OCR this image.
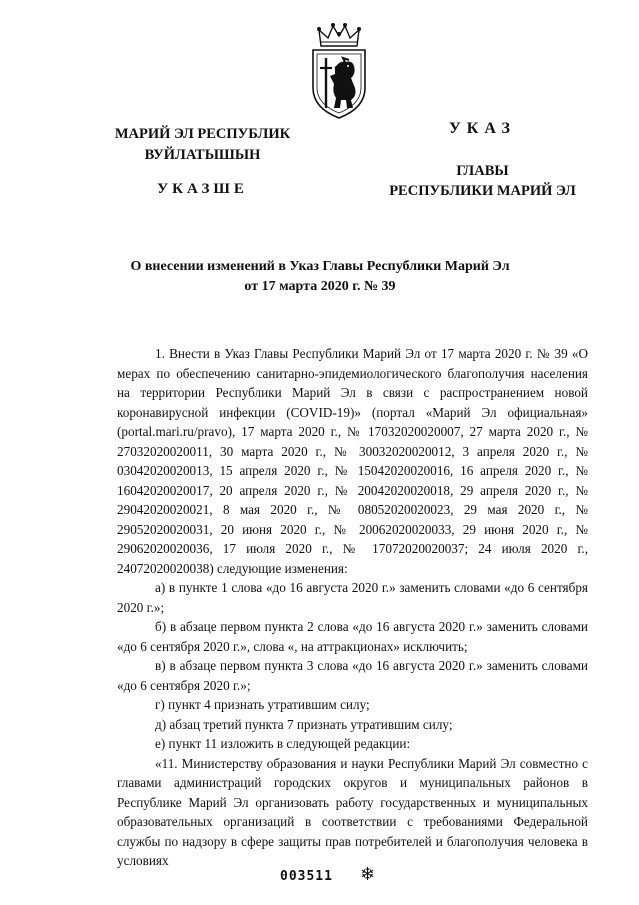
МАРИЙ ЭЛ РЕСПУБЛИК
ВУЙЛАТЫШЫН
УКАЗШЕ
УКАЗ
ГЛАВЫ
РЕСПУБЛИКИ МАРИЙ ЭЛ
О внесении изменений в Указ Главы Республики Марий Эл
от 17 марта 2020 г. № 39

1. Внести в Указ Главы Республики Марий Эл от 17 марта 2020 г. № 39 «О мерах по обеспечению санитарно-эпидемиологического благополучия населения на территории Республики Марий Эл в связи с распространением новой коронавирусной инфекции (COVID-19)» (портал «Марий Эл официальная» (portal.mari.ru/pravo), 17 марта 2020 г., № 17032020020007, 27 марта 2020 г., № 27032020020011, 30 марта 2020 г., № 30032020020012, 3 апреля 2020 г., № 03042020020013, 15 апреля 2020 г., № 15042020020016, 16 апреля 2020 г., № 16042020020017, 20 апреля 2020 г., № 20042020020018, 29 апреля 2020 г., № 29042020020021, 8 мая 2020 г., № 08052020020023, 29 мая 2020 г., № 29052020020031, 20 июня 2020 г., № 20062020020033, 29 июня 2020 г., № 29062020020036, 17 июля 2020 г., № 17072020020037; 24 июля 2020 г., 24072020020038) следующие изменения:

а) в пункте 1 слова «до 16 августа 2020 г.» заменить словами «до 6 сентября 2020 г.»;

б) в абзаце первом пункта 2 слова «до 16 августа 2020 г.» заменить словами «до 6 сентября 2020 г.», слова «, на аттракционах» исключить;

в) в абзаце первом пункта 3 слова «до 16 августа 2020 г.» заменить словами «до 6 сентября 2020 г.»;

г) пункт 4 признать утратившим силу;

д) абзац третий пункта 7 признать утратившим силу;

е) пункт 11 изложить в следующей редакции:

«11. Министерству образования и науки Республики Марий Эл совместно с главами администраций городских округов и муниципальных районов в Республике Марий Эл организовать работу государственных и муниципальных образовательных организаций в соответствии с требованиями Федеральной службы по надзору в сфере защиты прав потребителей и благополучия человека в условиях

003511 ❄
